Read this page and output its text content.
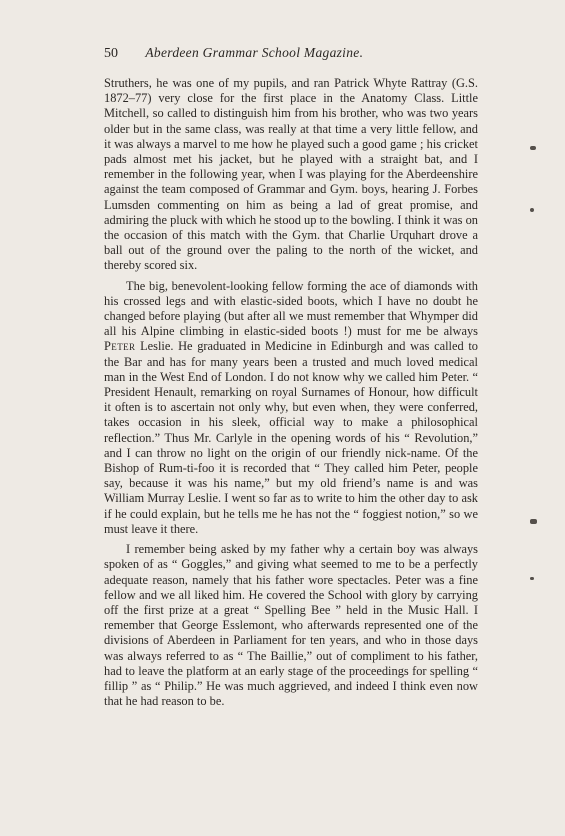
50 Aberdeen Grammar School Magazine.

Struthers, he was one of my pupils, and ran Patrick Whyte Rattray (G.S. 1872–77) very close for the first place in the Anatomy Class. Little Mitchell, so called to distinguish him from his brother, who was two years older but in the same class, was really at that time a very little fellow, and it was always a marvel to me how he played such a good game ; his cricket pads almost met his jacket, but he played with a straight bat, and I remember in the following year, when I was playing for the Aberdeenshire against the team composed of Grammar and Gym. boys, hearing J. Forbes Lumsden commenting on him as being a lad of great promise, and admiring the pluck with which he stood up to the bowling. I think it was on the occasion of this match with the Gym. that Charlie Urquhart drove a ball out of the ground over the paling to the north of the wicket, and thereby scored six.

The big, benevolent-looking fellow forming the ace of diamonds with his crossed legs and with elastic-sided boots, which I have no doubt he changed before playing (but after all we must remember that Whymper did all his Alpine climbing in elastic-sided boots !) must for me be always Peter Leslie. He graduated in Medicine in Edinburgh and was called to the Bar and has for many years been a trusted and much loved medical man in the West End of London. I do not know why we called him Peter. “ President Henault, remarking on royal Surnames of Honour, how difficult it often is to ascertain not only why, but even when, they were conferred, takes occasion in his sleek, official way to make a philosophical reflection.” Thus Mr. Carlyle in the opening words of his “ Revolution,” and I can throw no light on the origin of our friendly nick-name. Of the Bishop of Rum-ti-foo it is recorded that “ They called him Peter, people say, because it was his name,” but my old friend’s name is and was William Murray Leslie. I went so far as to write to him the other day to ask if he could explain, but he tells me he has not the “ foggiest notion,” so we must leave it there.

I remember being asked by my father why a certain boy was always spoken of as “ Goggles,” and giving what seemed to me to be a perfectly adequate reason, namely that his father wore spectacles. Peter was a fine fellow and we all liked him. He covered the School with glory by carrying off the first prize at a great “ Spelling Bee ” held in the Music Hall. I remember that George Esslemont, who afterwards represented one of the divisions of Aberdeen in Parliament for ten years, and who in those days was always referred to as “ The Baillie,” out of compliment to his father, had to leave the platform at an early stage of the proceedings for spelling “ fillip ” as “ Philip.” He was much aggrieved, and indeed I think even now that he had reason to be.
